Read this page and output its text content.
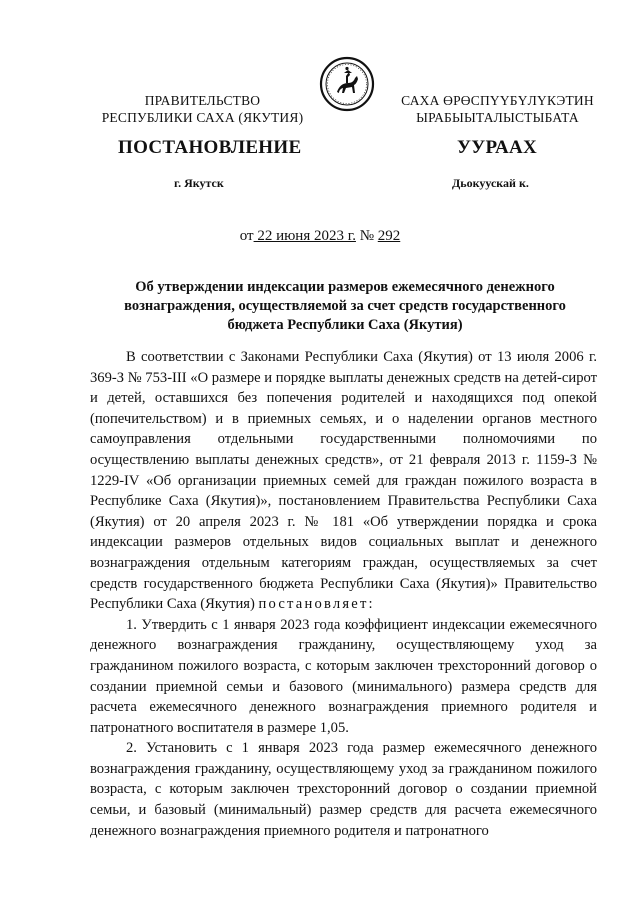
ПРАВИТЕЛЬСТВО
РЕСПУБЛИКИ САХА (ЯКУТИЯ)
САХА ӨРӨСПҮҮБҮЛҮКЭТИН
ЫРАБЫЫТАЛЫСТЫБАТА
ПОСТАНОВЛЕНИЕ	УУРААХ
г. Якутск	Дьокуускай к.
от 22 июня 2023 г. № 292
Об утверждении индексации размеров ежемесячного денежного вознаграждения, осуществляемой за счет средств государственного бюджета Республики Саха (Якутия)

В соответствии с Законами Республики Саха (Якутия) от 13 июля 2006 г. 369-З № 753-III «О размере и порядке выплаты денежных средств на детей-сирот и детей, оставшихся без попечения родителей и находящихся под опекой (попечительством) и в приемных семьях, и о наделении органов местного самоуправления отдельными государственными полномочиями по осуществлению выплаты денежных средств», от 21 февраля 2013 г. 1159-З № 1229-IV «Об организации приемных семей для граждан пожилого возраста в Республике Саха (Якутия)», постановлением Правительства Республики Саха (Якутия) от 20 апреля 2023 г. № 181 «Об утверждении порядка и срока индексации размеров отдельных видов социальных выплат и денежного вознаграждения отдельным категориям граждан, осуществляемых за счет средств государственного бюджета Республики Саха (Якутия)» Правительство Республики Саха (Якутия) постановляет:

1. Утвердить с 1 января 2023 года коэффициент индексации ежемесячного денежного вознаграждения гражданину, осуществляющему уход за гражданином пожилого возраста, с которым заключен трехсторонний договор о создании приемной семьи и базового (минимального) размера средств для расчета ежемесячного денежного вознаграждения приемного родителя и патронатного воспитателя в размере 1,05.

2. Установить с 1 января 2023 года размер ежемесячного денежного вознаграждения гражданину, осуществляющему уход за гражданином пожилого возраста, с которым заключен трехсторонний договор о создании приемной семьи, и базовый (минимальный) размер средств для расчета ежемесячного денежного вознаграждения приемного родителя и патронатного
